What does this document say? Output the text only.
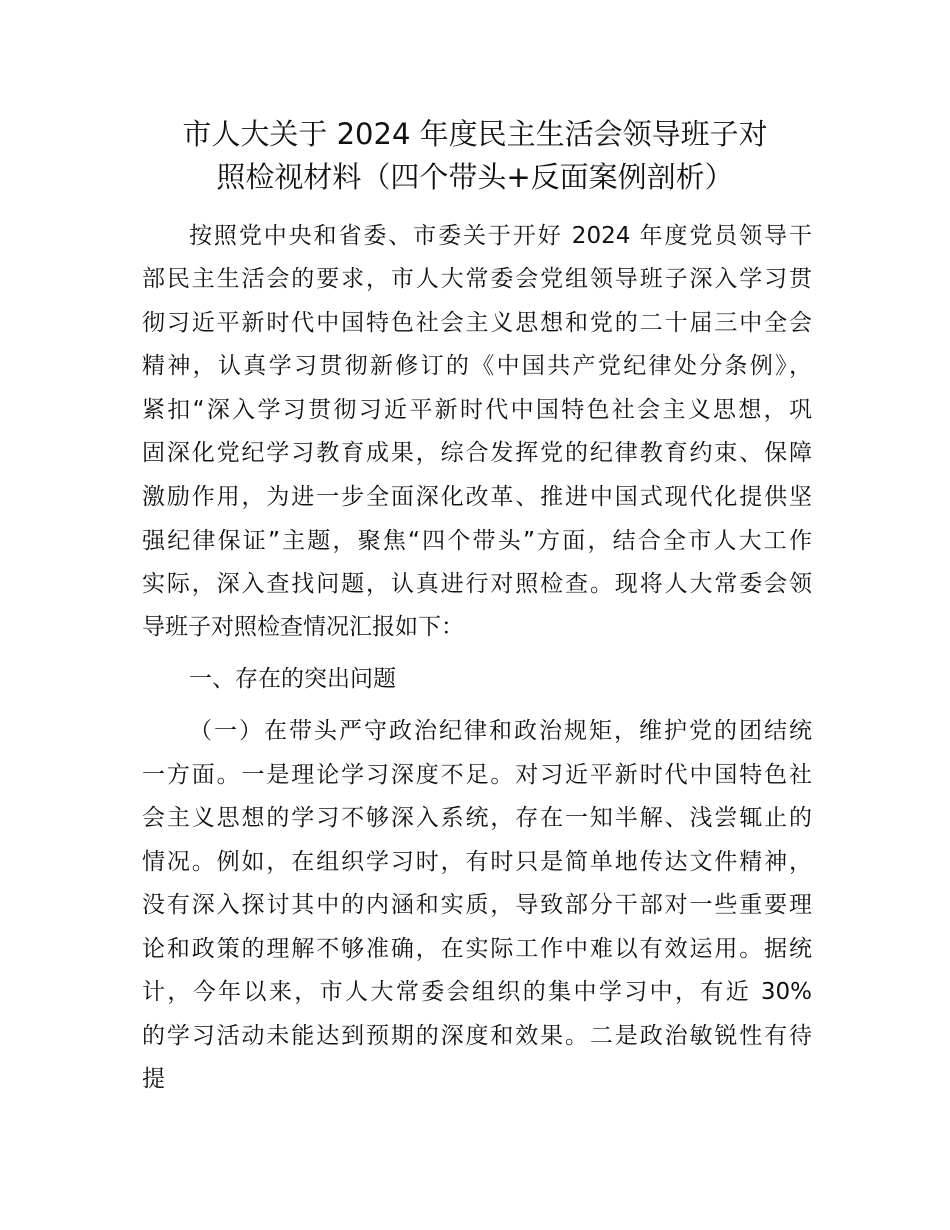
市人大关于 2024 年度民主生活会领导班子对
照检视材料（四个带头+反面案例剖析）
按照党中央和省委、市委关于开好 2024 年度党员领导干
部民主生活会的要求，市人大常委会党组领导班子深入学习贯
彻习近平新时代中国特色社会主义思想和党的二十届三中全会
精神，认真学习贯彻新修订的《中国共产党纪律处分条例》，
紧扣“深入学习贯彻习近平新时代中国特色社会主义思想，巩
固深化党纪学习教育成果，综合发挥党的纪律教育约束、保障
激励作用，为进一步全面深化改革、推进中国式现代化提供坚
强纪律保证”主题，聚焦“四个带头”方面，结合全市人大工作
实际，深入查找问题，认真进行对照检查。现将人大常委会领
导班子对照检查情况汇报如下：
一、存在的突出问题
（一）在带头严守政治纪律和政治规矩，维护党的团结统
一方面。一是理论学习深度不足。对习近平新时代中国特色社
会主义思想的学习不够深入系统，存在一知半解、浅尝辄止的
情况。例如，在组织学习时，有时只是简单地传达文件精神，
没有深入探讨其中的内涵和实质，导致部分干部对一些重要理
论和政策的理解不够准确，在实际工作中难以有效运用。据统
计，今年以来，市人大常委会组织的集中学习中，有近 30%
的学习活动未能达到预期的深度和效果。二是政治敏锐性有待
提
